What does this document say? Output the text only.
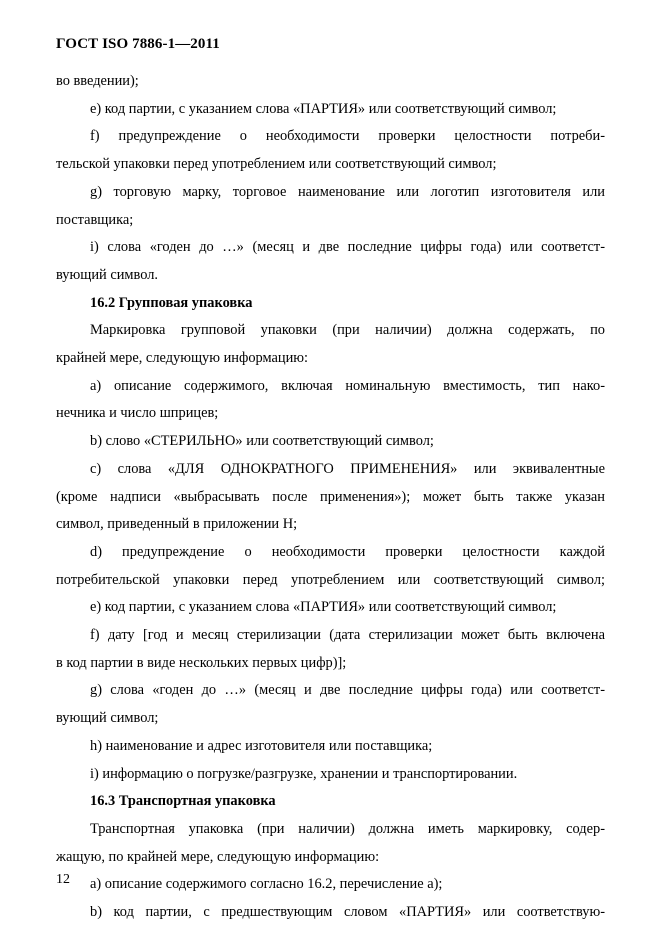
ГОСТ ISO 7886-1—2011

во введении);

e) код партии, с указанием слова «ПАРТИЯ» или соответствующий символ;

f) предупреждение о необходимости проверки целостности потреби-

тельской упаковки перед употреблением или соответствующий символ;

g) торговую марку, торговое наименование или логотип изготовителя или

поставщика;

i) слова «годен до …» (месяц и две последние цифры года) или соответст-

вующий символ.

16.2 Групповая упаковка

Маркировка групповой упаковки (при наличии) должна содержать, по

крайней мере, следующую информацию:

a) описание содержимого, включая номинальную вместимость, тип нако-

нечника и число шприцев;

b) слово «СТЕРИЛЬНО» или соответствующий символ;

c) слова «ДЛЯ ОДНОКРАТНОГО ПРИМЕНЕНИЯ» или эквивалентные

(кроме надписи «выбрасывать после применения»); может быть также указан

символ, приведенный в приложении Н;

d) предупреждение о необходимости проверки целостности каждой

потребительской упаковки перед употреблением или соответствующий символ;

e) код партии, с указанием слова «ПАРТИЯ» или соответствующий символ;

f) дату [год и месяц стерилизации (дата стерилизации может быть включена

в код партии в виде нескольких первых цифр)];

g) слова «годен до …» (месяц и две последние цифры года) или соответст-

вующий символ;

h) наименование и адрес изготовителя или поставщика;

i) информацию о погрузке/разгрузке, хранении и транспортировании.

16.3 Транспортная упаковка

Транспортная упаковка (при наличии) должна иметь маркировку, содер-

жащую, по крайней мере, следующую информацию:

a) описание содержимого согласно 16.2, перечисление a);

b) код партии, с предшествующим словом «ПАРТИЯ» или соответствую-

12
